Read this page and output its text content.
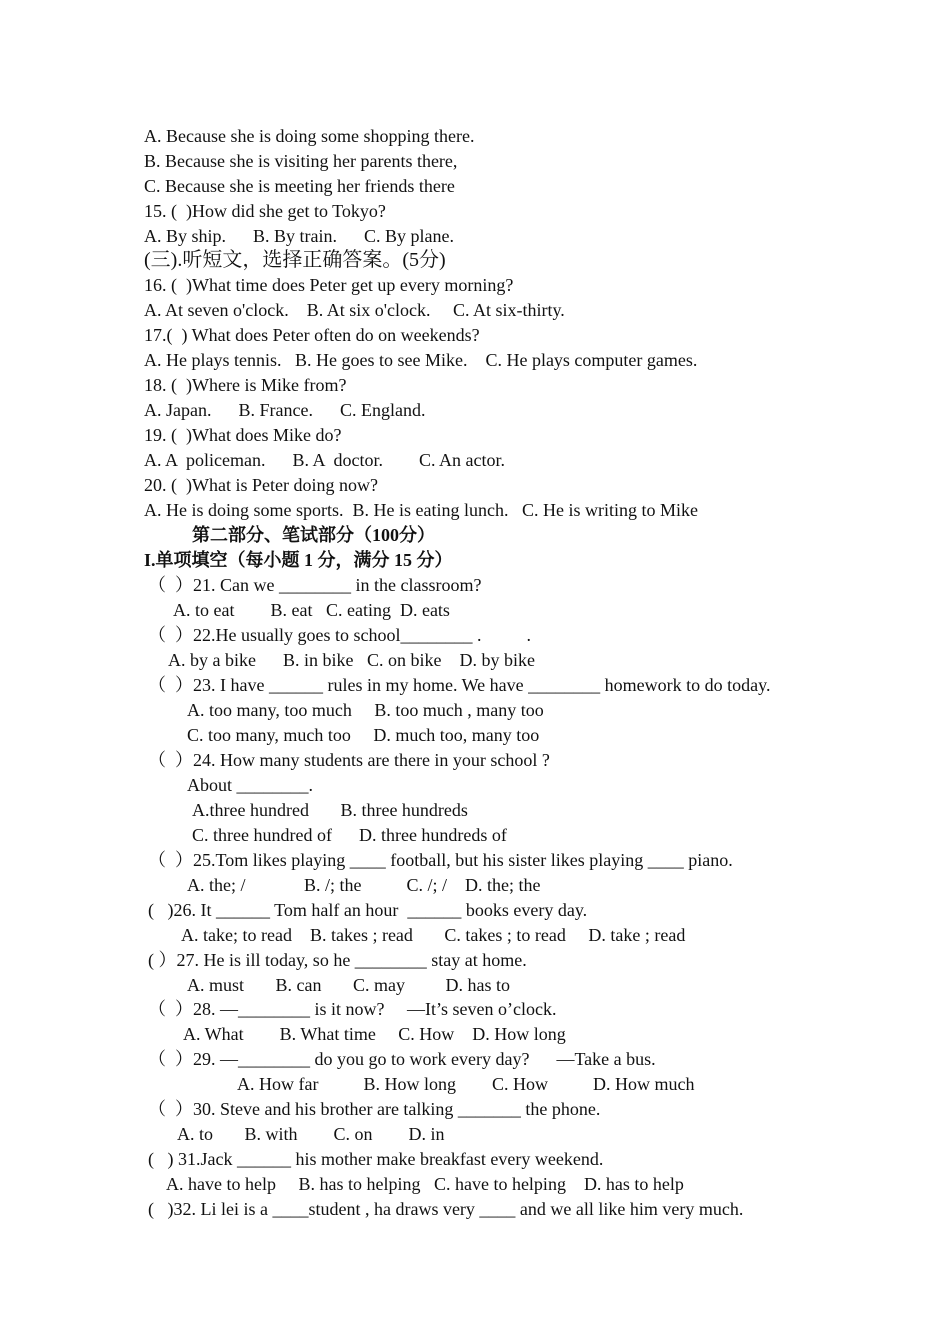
A. Because she is doing some shopping there.
B. Because she is visiting her parents there,
C. Because she is meeting her friends there
15. (  )How did she get to Tokyo?
A. By ship.      B. By train.      C. By plane.
(三).听短文，选择正确答案。(5分)
16. (  )What time does Peter get up every morning?
A. At seven o'clock.    B. At six o'clock.     C. At six-thirty.
17.(  ) What does Peter often do on weekends?
A. He plays tennis.   B. He goes to see Mike.    C. He plays computer games.
18. (  )Where is Mike from?
A. Japan.      B. France.      C. England.
19. (  )What does Mike do?
A. A  policeman.      B. A  doctor.        C. An actor.
20. (  )What is Peter doing now?
A. He is doing some sports.  B. He is eating lunch.   C. He is writing to Mike
第二部分、笔试部分（100分）
I.单项填空（每小题 1 分，满分 15 分）
（  ）21. Can we ________ in the classroom?
A. to eat        B. eat   C. eating  D. eats
（  ）22.He usually goes to school________ .          .
A. by a bike      B. in bike   C. on bike    D. by bike
（  ）23. I have ______ rules in my home. We have ________ homework to do today.
A. too many, too much     B. too much , many too
C. too many, much too     D. much too, many too
（  ）24. How many students are there in your school ?
About ________.
A.three hundred       B. three hundreds
C. three hundred of      D. three hundreds of
（  ）25.Tom likes playing ____ football, but his sister likes playing ____ piano.
A. the; /             B. /; the          C. /; /    D. the; the
(   )26. It ______ Tom half an hour  ______ books every day.
A. take; to read    B. takes ; read       C. takes ; to read     D. take ; read
( ）27. He is ill today, so he ________ stay at home.
A. must       B. can       C. may         D. has to
（  ）28. —________ is it now?     —It’s seven o’clock.
A. What        B. What time     C. How    D. How long
（  ）29. —________ do you go to work every day?      —Take a bus.
A. How far          B. How long        C. How          D. How much
（  ）30. Steve and his brother are talking _______ the phone.
A. to       B. with        C. on        D. in
(   ) 31.Jack ______ his mother make breakfast every weekend.
A. have to help     B. has to helping   C. have to helping    D. has to help
(   )32. Li lei is a ____student , ha draws very ____ and we all like him very much.
